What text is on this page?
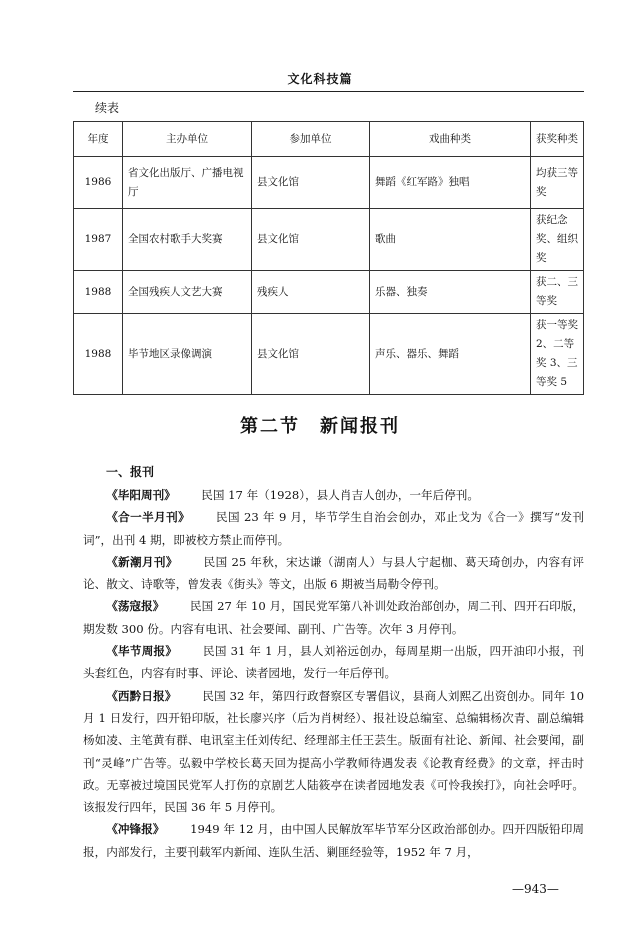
文化科技篇
续表
年度	主办单位	参加单位	戏曲种类	获奖种类
1986	省文化出版厅、广播电视厅	县文化馆	舞蹈《红军路》独唱	均获三等奖
1987	全国农村歌手大奖赛	县文化馆	歌曲	获纪念奖、组织奖
1988	全国残疾人文艺大赛	残疾人	乐器、独奏	获二、三等奖
1988	毕节地区录像调演	县文化馆	声乐、器乐、舞蹈	获一等奖 2、二等奖 3、三等奖 5
第二节　新闻报刊
一、报刊

《毕阳周刊》 民国 17 年（1928），县人肖吉人创办，一年后停刊。

《合一半月刊》 民国 23 年 9 月，毕节学生自治会创办，邓止戈为《合一》撰写“发刊词”，出刊 4 期，即被校方禁止而停刊。

《新潮月刊》 民国 25 年秋，宋达谦（湖南人）与县人宁起枷、葛天琦创办，内容有评论、散文、诗歌等，曾发表《街头》等文，出版 6 期被当局勒令停刊。

《荡寇报》 民国 27 年 10 月，国民党军第八补训处政治部创办，周二刊、四开石印版，期发数 300 份。内容有电讯、社会要闻、副刊、广告等。次年 3 月停刊。

《毕节周报》 民国 31 年 1 月，县人刘裕远创办，每周星期一出版，四开油印小报，刊头套红色，内容有时事、评论、读者园地，发行一年后停刊。

《西黔日报》 民国 32 年，第四行政督察区专署倡议，县商人刘熙乙出资创办。同年 10 月 1 日发行，四开铅印版，社长廖兴序（后为肖树经）、报社设总编室、总编辑杨次青、副总编辑杨如凌、主笔黄有群、电讯室主任刘传纪、经理部主任王芸生。版面有社论、新闻、社会要闻，副刊“灵峰”广告等。弘毅中学校长葛天回为提高小学教师待遇发表《论教育经费》的文章，抨击时政。无辜被过境国民党军人打伤的京剧艺人陆筱亭在读者园地发表《可怜我挨打》，向社会呼吁。该报发行四年，民国 36 年 5 月停刊。

《冲锋报》 1949 年 12 月，由中国人民解放军毕节军分区政治部创办。四开四版铅印周报，内部发行，主要刊载军内新闻、连队生活、剿匪经验等，1952 年 7 月，

—943—
